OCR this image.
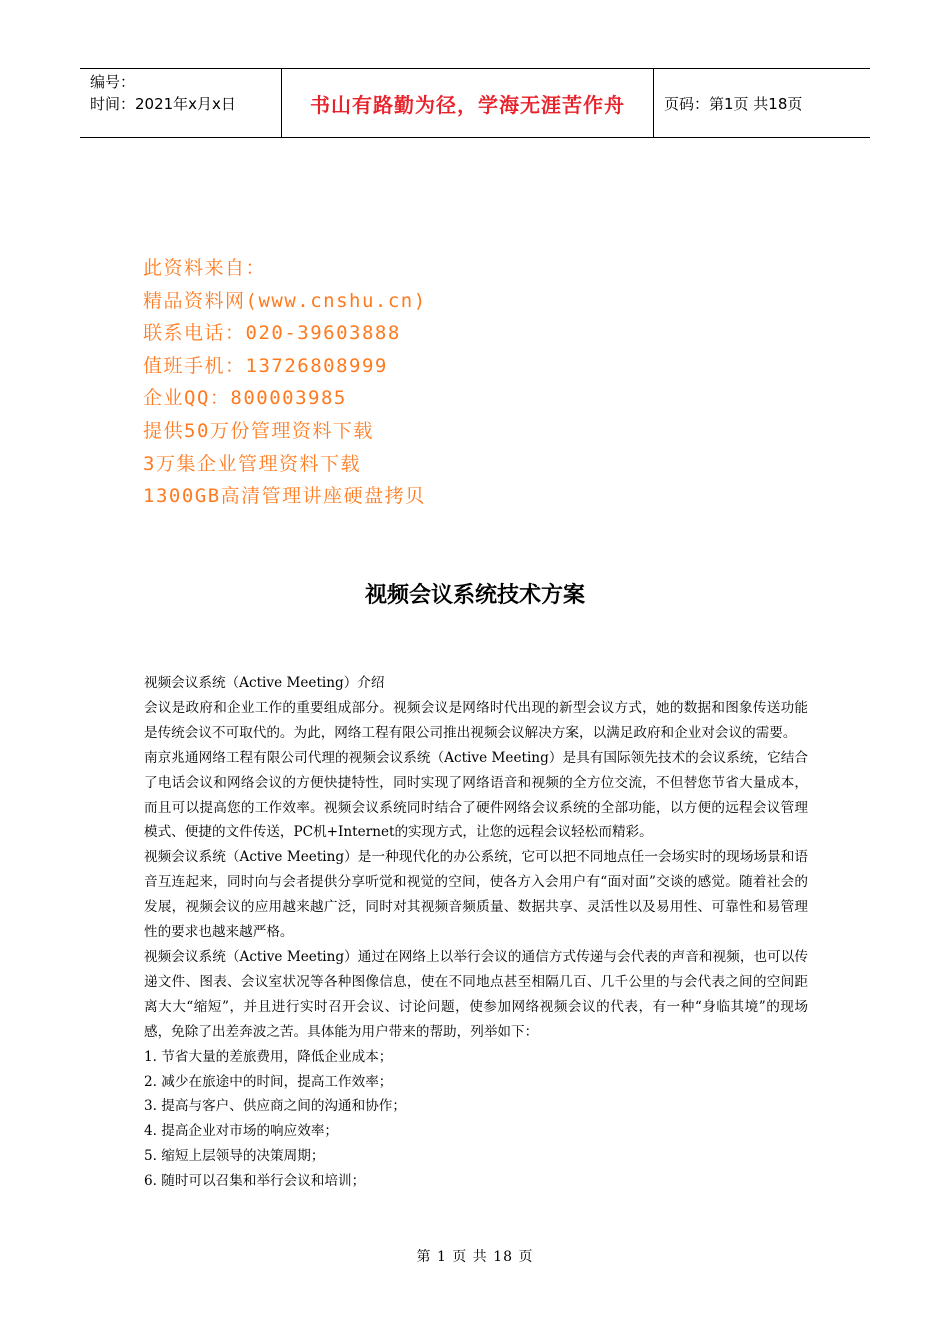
编号：
时间：2021年x月x日	书山有路勤为径，学海无涯苦作舟	页码：第1页 共18页
此资料来自：
精品资料网(www.cnshu.cn)
联系电话：020-39603888
值班手机：13726808999
企业QQ：800003985
提供50万份管理资料下载
3万集企业管理资料下载
1300GB高清管理讲座硬盘拷贝
视频会议系统技术方案

视频会议系统（Active Meeting）介绍

会议是政府和企业工作的重要组成部分。视频会议是网络时代出现的新型会议方式，她的数据和图象传送功能是传统会议不可取代的。为此，网络工程有限公司推出视频会议解决方案，以满足政府和企业对会议的需要。

南京兆通网络工程有限公司代理的视频会议系统（Active Meeting）是具有国际领先技术的会议系统，它结合了电话会议和网络会议的方便快捷特性，同时实现了网络语音和视频的全方位交流，不但替您节省大量成本，而且可以提高您的工作效率。视频会议系统同时结合了硬件网络会议系统的全部功能，以方便的远程会议管理模式、便捷的文件传送，PC机+Internet的实现方式，让您的远程会议轻松而精彩。

视频会议系统（Active Meeting）是一种现代化的办公系统，它可以把不同地点任一会场实时的现场场景和语音互连起来，同时向与会者提供分享听觉和视觉的空间，使各方入会用户有“面对面”交谈的感觉。随着社会的发展，视频会议的应用越来越广泛，同时对其视频音频质量、数据共享、灵活性以及易用性、可靠性和易管理性的要求也越来越严格。

视频会议系统（Active Meeting）通过在网络上以举行会议的通信方式传递与会代表的声音和视频，也可以传递文件、图表、会议室状况等各种图像信息，使在不同地点甚至相隔几百、几千公里的与会代表之间的空间距离大大“缩短”，并且进行实时召开会议、讨论问题，使参加网络视频会议的代表，有一种“身临其境”的现场感，免除了出差奔波之苦。具体能为用户带来的帮助，列举如下：

1. 节省大量的差旅费用，降低企业成本；

2. 减少在旅途中的时间，提高工作效率；

3. 提高与客户、供应商之间的沟通和协作；

4. 提高企业对市场的响应效率；

5. 缩短上层领导的决策周期；

6. 随时可以召集和举行会议和培训；

第 1 页 共 18 页
